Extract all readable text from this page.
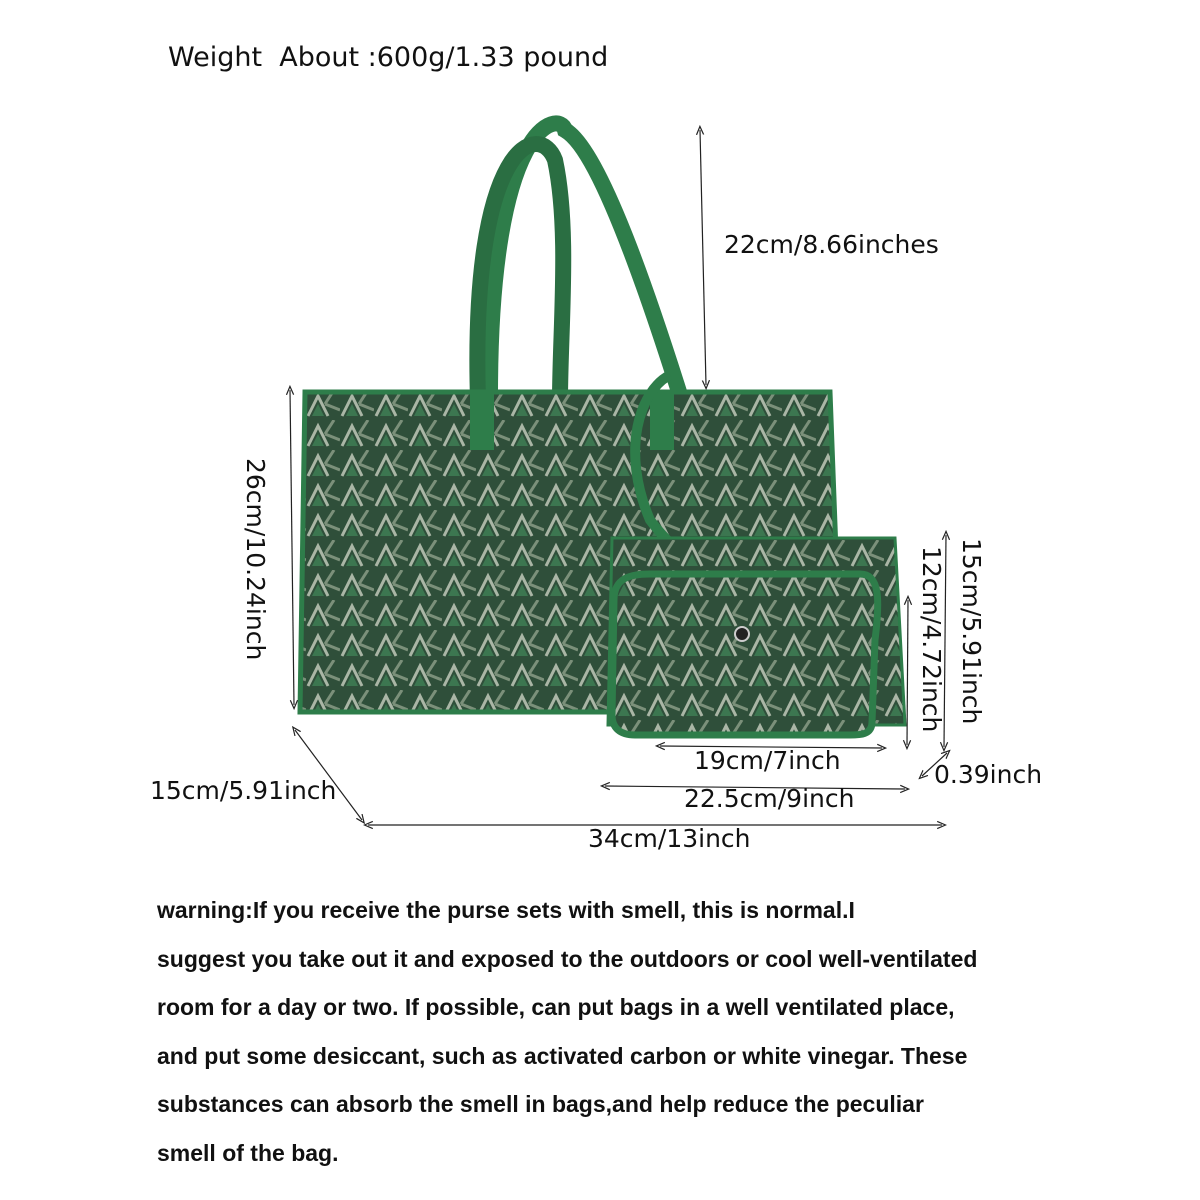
Weight  About :600g/1.33 pound
22cm/8.66inches
26cm/10.24inch
15cm/5.91inch
34cm/13inch
22.5cm/9inch
19cm/7inch
12cm/4.72inch 15cm/5.91inch
0.39inch
warning:If you receive the purse sets with smell, this is normal.I
suggest you take out it and exposed to the outdoors or cool well-ventilated
room for a day or two. If possible, can put bags in a well ventilated place,
and put some desiccant, such as activated carbon or white vinegar. These
substances can absorb the smell in bags,and help reduce the peculiar
smell of the bag.
